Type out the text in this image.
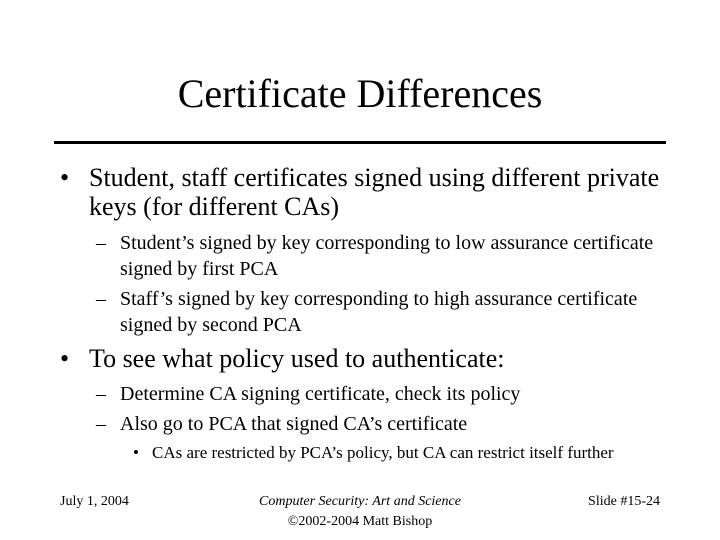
Certificate Differences
• Student, staff certificates signed using different private keys (for different CAs)
– Student’s signed by key corresponding to low assurance certificate signed by first PCA
– Staff’s signed by key corresponding to high assurance certificate signed by second PCA
• To see what policy used to authenticate:
– Determine CA signing certificate, check its policy
– Also go to PCA that signed CA’s certificate
• CAs are restricted by PCA’s policy, but CA can restrict itself further
July 1, 2004	Computer Security: Art and Science
©2002-2004 Matt Bishop
Slide #15-24
